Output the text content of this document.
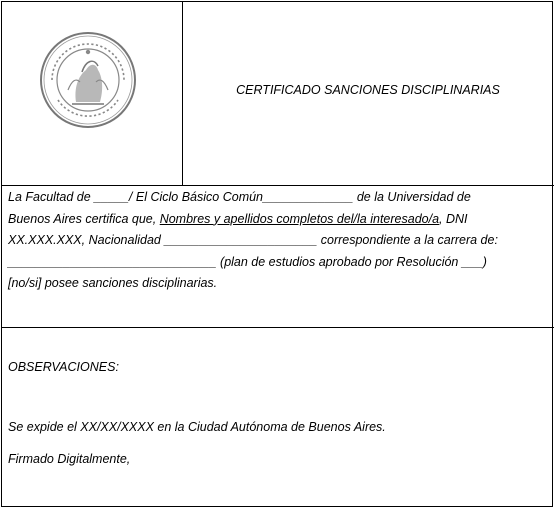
CERTIFICADO SANCIONES DISCIPLINARIAS
La Facultad de _____/ El Ciclo Básico Común_____________ de la Universidad de
Buenos Aires certifica que, Nombres y apellidos completos del/la interesado/a, DNI
XX.XXX.XXX, Nacionalidad ______________________ correspondiente a la carrera de:
______________________________ (plan de estudios aprobado por Resolución ___)
[no/si] posee sanciones disciplinarias.
OBSERVACIONES:
Se expide el XX/XX/XXXX en la Ciudad Autónoma de Buenos Aires.
Firmado Digitalmente,
